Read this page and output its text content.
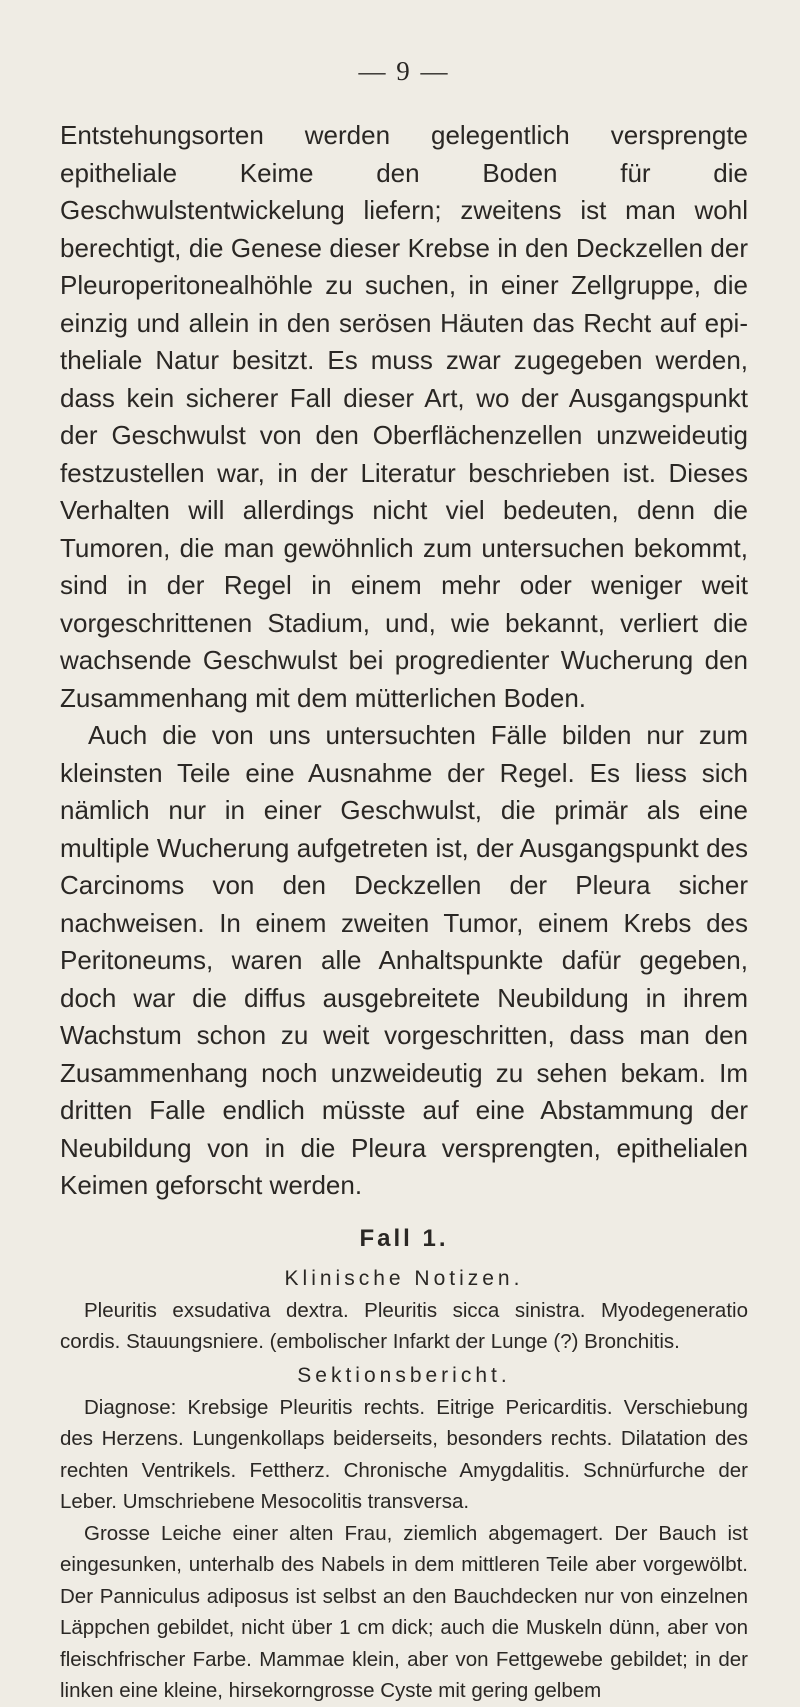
— 9 —

Entstehungsorten werden gelegentlich versprengte epitheliale Keime den Boden für die Geschwulstentwickelung liefern; zweitens ist man wohl berechtigt, die Genese dieser Krebse in den Deckzellen der Pleuroperitonealhöhle zu suchen, in einer Zellgruppe, die einzig und allein in den serösen Häuten das Recht auf epitheliale Natur besitzt. Es muss zwar zugegeben werden, dass kein sicherer Fall dieser Art, wo der Ausgangspunkt der Geschwulst von den Oberflächenzellen unzweideutig festzustellen war, in der Literatur beschrieben ist. Dieses Verhalten will allerdings nicht viel bedeuten, denn die Tumoren, die man gewöhnlich zum untersuchen bekommt, sind in der Regel in einem mehr oder weniger weit vorgeschrittenen Stadium, und, wie bekannt, verliert die wachsende Geschwulst bei progredienter Wucherung den Zusammenhang mit dem mütterlichen Boden.

Auch die von uns untersuchten Fälle bilden nur zum kleinsten Teile eine Ausnahme der Regel. Es liess sich nämlich nur in einer Geschwulst, die primär als eine multiple Wucherung aufgetreten ist, der Ausgangspunkt des Carcinoms von den Deckzellen der Pleura sicher nachweisen. In einem zweiten Tumor, einem Krebs des Peritoneums, waren alle Anhaltspunkte dafür gegeben, doch war die diffus ausgebreitete Neubildung in ihrem Wachstum schon zu weit vorgeschritten, dass man den Zusammenhang noch unzweideutig zu sehen bekam. Im dritten Falle endlich müsste auf eine Abstammung der Neubildung von in die Pleura versprengten, epithelialen Keimen geforscht werden.

Fall 1.
Klinische Notizen.

Pleuritis exsudativa dextra. Pleuritis sicca sinistra. Myodegeneratio cordis. Stauungsniere. (embolischer Infarkt der Lunge (?) Bronchitis.

Sektionsbericht.

Diagnose: Krebsige Pleuritis rechts. Eitrige Pericarditis. Verschiebung des Herzens. Lungenkollaps beiderseits, besonders rechts. Dilatation des rechten Ventrikels. Fettherz. Chronische Amygdalitis. Schnürfurche der Leber. Umschriebene Mesocolitis transversa.

Grosse Leiche einer alten Frau, ziemlich abgemagert. Der Bauch ist eingesunken, unterhalb des Nabels in dem mittleren Teile aber vorgewölbt. Der Panniculus adiposus ist selbst an den Bauchdecken nur von einzelnen Läppchen gebildet, nicht über 1 cm dick; auch die Muskeln dünn, aber von fleischfrischer Farbe. Mammae klein, aber von Fettgewebe gebildet; in der linken eine kleine, hirsekorngrosse Cyste mit gering gelbem
